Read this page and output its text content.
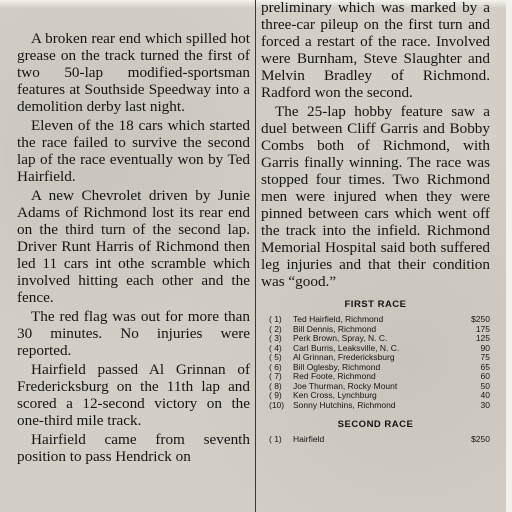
A broken rear end which spilled hot grease on the track turned the first of two 50-lap modified-sportsman features at Southside Speedway into a demolition derby last night.

Eleven of the 18 cars which started the race failed to survive the second lap of the race eventually won by Ted Hairfield.

A new Chevrolet driven by Junie Adams of Richmond lost its rear end on the third turn of the second lap. Driver Runt Harris of Richmond then led 11 cars int othe scramble which involved hitting each other and the fence.

The red flag was out for more than 30 minutes. No injuries were reported.

Hairfield passed Al Grinnan of Fredericksburg on the 11th lap and scored a 12-second victory on the one-third mile track.

Hairfield came from seventh position to pass Hendrick on

preliminary which was marked by a three-car pileup on the first turn and forced a restart of the race. Involved were Burnham, Steve Slaughter and Melvin Bradley of Richmond. Radford won the second.

The 25-lap hobby feature saw a duel between Cliff Garris and Bobby Combs both of Richmond, with Garris finally winning. The race was stopped four times. Two Richmond men were injured when they were pinned between cars which went off the track into the infield. Richmond Memorial Hospital said both suffered leg injuries and that their condition was “good.”

FIRST RACE
( 1)	Ted Hairfield, Richmond	$250
( 2)	Bill Dennis, Richmond	175
( 3)	Perk Brown, Spray, N. C.	125
( 4)	Carl Burris, Leaksville, N. C.	90
( 5)	Al Grinnan, Fredericksburg	75
( 6)	Bill Oglesby, Richmond	65
( 7)	Red Foote, Richmond	60
( 8)	Joe Thurman, Rocky Mount	50
( 9)	Ken Cross, Lynchburg	40
(10)	Sonny Hutchins, Richmond	30
SECOND RACE
( 1)	Hairfield	$250
